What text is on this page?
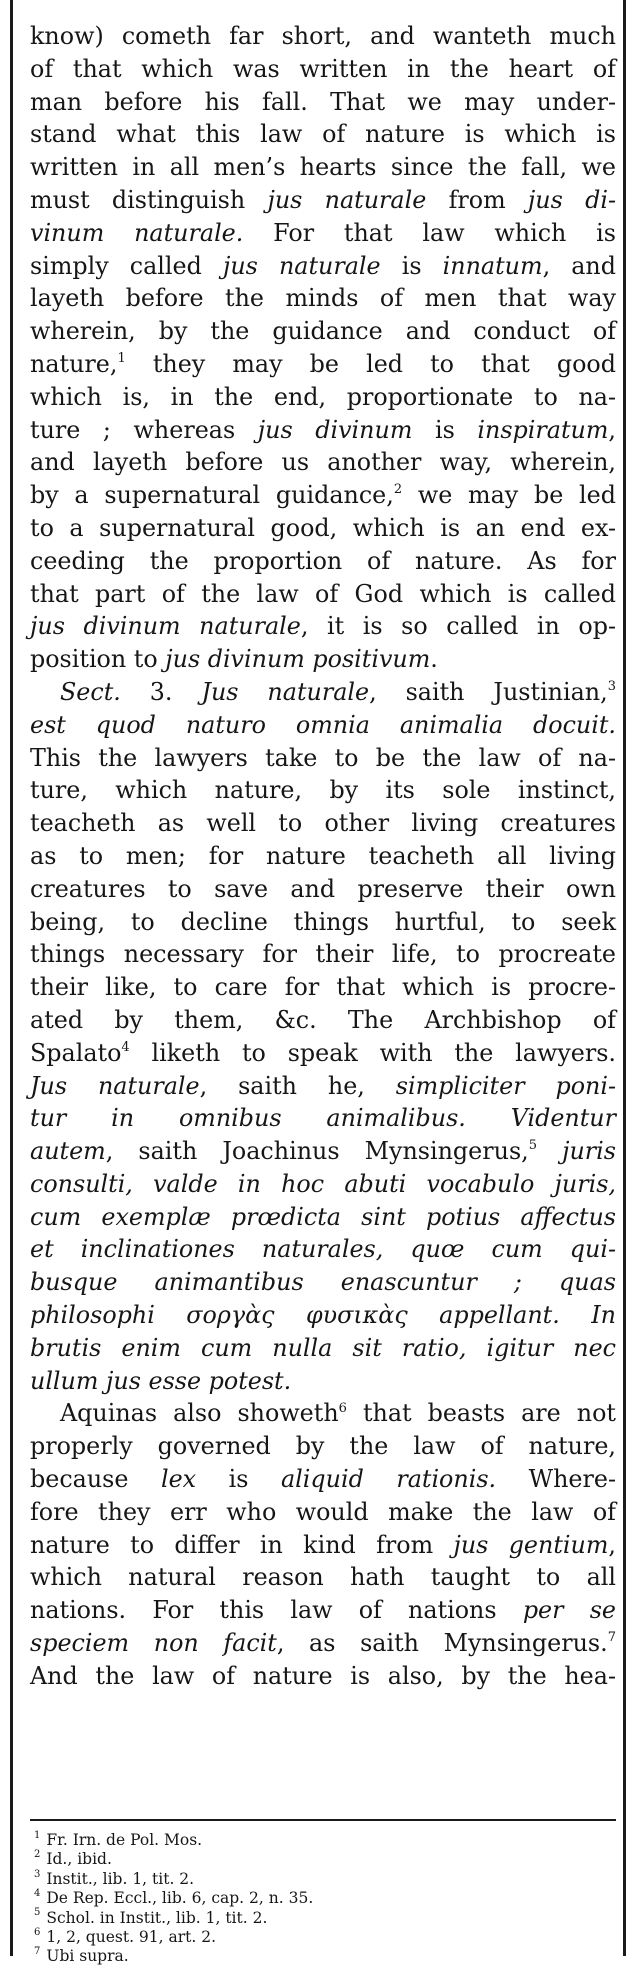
know) cometh far short, and wanteth much
of that which was written in the heart of
man before his fall. That we may under-
stand what this law of nature is which is
written in all men’s hearts since the fall, we
must distinguish jus naturale from jus di-
vinum naturale. For that law which is
simply called jus naturale is innatum, and
layeth before the minds of men that way
wherein, by the guidance and conduct of
nature,$^1$ they may be led to that good
which is, in the end, proportionate to na-
ture ; whereas jus divinum is inspiratum,
and layeth before us another way, wherein,
by a supernatural guidance,$^2$ we may be led
to a supernatural good, which is an end ex-
ceeding the proportion of nature. As for
that part of the law of God which is called
jus divinum naturale, it is so called in op-
position to jus divinum positivum.
Sect. 3. Jus naturale, saith Justinian,$^3$
est quod naturo omnia animalia docuit.
This the lawyers take to be the law of na-
ture, which nature, by its sole instinct,
teacheth as well to other living creatures
as to men; for nature teacheth all living
creatures to save and preserve their own
being, to decline things hurtful, to seek
things necessary for their life, to procreate
their like, to care for that which is procre-
ated by them, &c. The Archbishop of
Spalato$^4$ liketh to speak with the lawyers.
Jus naturale, saith he, simpliciter poni-
tur in omnibus animalibus. Videntur
autem, saith Joachinus Mynsingerus,$^5$ juris
consulti, valde in hoc abuti vocabulo juris,
cum exemplæ prœdicta sint potius affectus
et inclinationes naturales, quœ cum qui-
busque animantibus enascuntur ; quas
philosophi σοργὰς φυσικὰς appellant. In
brutis enim cum nulla sit ratio, igitur nec
ullum jus esse potest.
Aquinas also showeth$^6$ that beasts are not
properly governed by the law of nature,
because lex is aliquid rationis. Where-
fore they err who would make the law of
nature to differ in kind from jus gentium,
which natural reason hath taught to all
nations. For this law of nations per se
speciem non facit, as saith Mynsingerus.$^7$
And the law of nature is also, by the hea-
$^1$ Fr. Irn. de Pol. Mos.
$^2$ Id., ibid.
$^3$ Instit., lib. 1, tit. 2.
$^4$ De Rep. Eccl., lib. 6, cap. 2, n. 35.
$^5$ Schol. in Instit., lib. 1, tit. 2.
$^6$ 1, 2, quest. 91, art. 2.
$^7$ Ubi supra.
